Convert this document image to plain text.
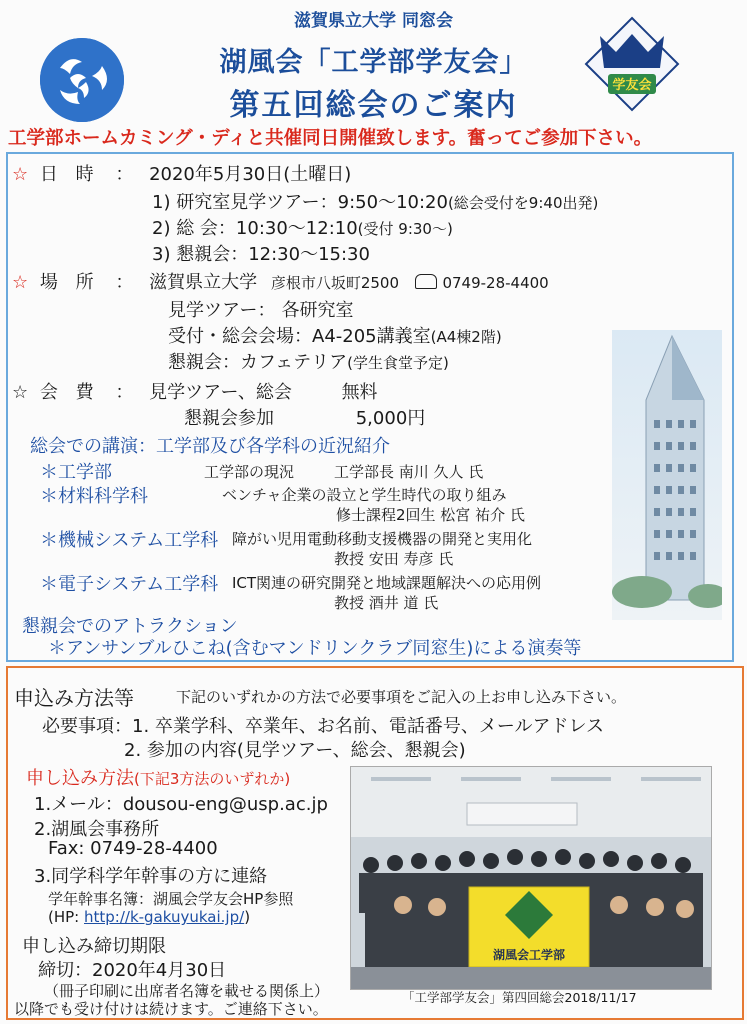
滋賀県立大学 同窓会
湖風会「工学部学友会」
第五回総会のご案内
学友会
工学部ホームカミング・ディと共催同日開催致します。奮ってご参加下さい。
☆ 日 時 ： 2020年5月30日(土曜日)
1) 研究室見学ツアー：9:50〜10:20(総会受付を9:40出発)
2) 総 会：10:30〜12:10(受付 9:30〜)
3) 懇親会：12:30〜15:30
☆ 場 所 ： 滋賀県立大学 彦根市八坂町2500	0749-28-4400
見学ツアー： 各研究室
受付・総会会場：A4-205講義室(A4棟2階)
懇親会：カフェテリア(学生食堂予定)
☆ 会 費 ： 見学ツアー、総会	無料
懇親会参加	5,000円
総会での講演：工学部及び各学科の近況紹介
＊工学部	工学部の現況	工学部長 南川 久人 氏
＊材料科学科	ベンチャ企業の設立と学生時代の取り組み
修士課程2回生 松宮 祐介 氏
＊機械システム工学科 障がい児用電動移動支援機器の開発と実用化
教授 安田 寿彦 氏
＊電子システム工学科 ICT関連の研究開発と地域課題解決への応用例
教授 酒井 道 氏
懇親会でのアトラクション
＊アンサンブルひこね(含むマンドリンクラブ同窓生)による演奏等
申込み方法等	下記のいずれかの方法で必要事項をご記入の上お申し込み下さい。
必要事項：1. 卒業学科、卒業年、お名前、電話番号、メールアドレス
2. 参加の内容(見学ツアー、総会、懇親会)
申し込み方法(下記3方法のいずれか)
1.メール：dousou-eng@usp.ac.jp
2.湖風会事務所
Fax: 0749-28-4400
3.同学科学年幹事の方に連絡
学年幹事名簿：湖風会学友会HP参照
(HP: http://k-gakuyukai.jp/)
申し込み締切期限
締切：2020年4月30日
（冊子印刷に出席者名簿を載せる関係上）
以降でも受け付けは続けます。ご連絡下さい。
湖風会工学部
「工学部学友会」第四回総会2018/11/17
